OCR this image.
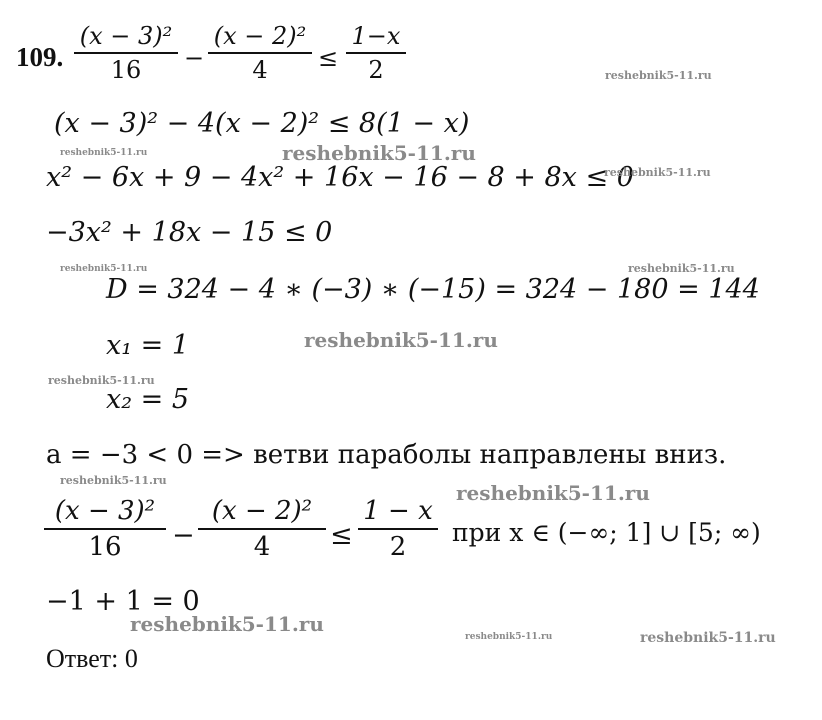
109.
(x − 3)²
16	−
(x − 2)²
4	≤
1−x
2
(x − 3)² − 4(x − 2)² ≤ 8(1 − x)
x² − 6x + 9 − 4x² + 16x − 16 − 8 + 8x ≤ 0
−3x² + 18x − 15 ≤ 0
D = 324 − 4 ∗ (−3) ∗ (−15) = 324 − 180 = 144
x₁ = 1
x₂ = 5
a = −3 < 0 => ветви параболы направлены вниз.
(x − 3)²
16	−
(x − 2)²
4	≤
1 − x
2	при x ∈ (−∞; 1] ∪ [5; ∞)
−1 + 1 = 0
Ответ: 0
reshebnik5-11.ru
reshebnik5-11.ru	reshebnik5-11.ru
reshebnik5-11.ru
reshebnik5-11.ru	reshebnik5-11.ru
reshebnik5-11.ru
reshebnik5-11.ru
reshebnik5-11.ru
reshebnik5-11.ru
reshebnik5-11.ru
reshebnik5-11.ru	reshebnik5-11.ru
